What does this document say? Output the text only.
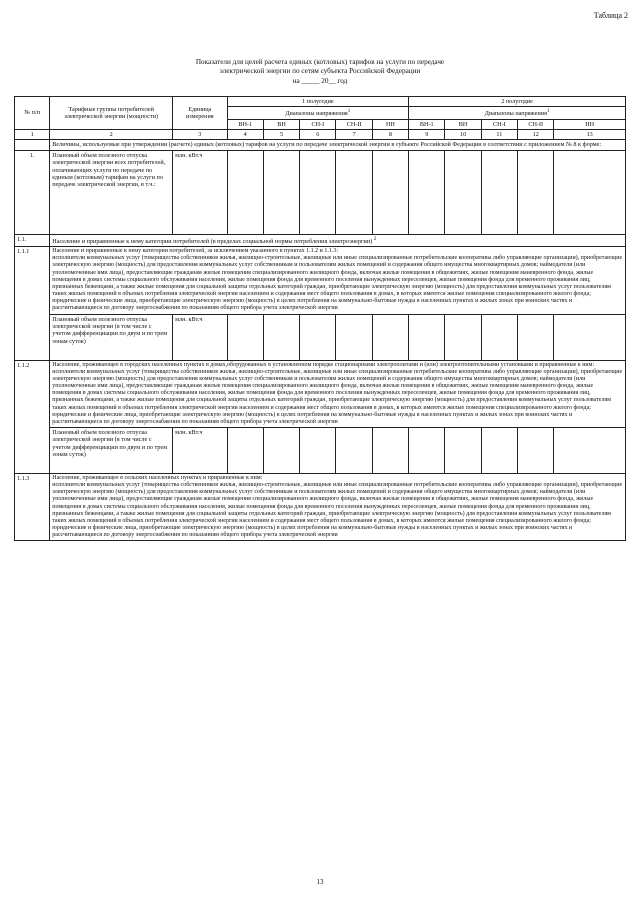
Таблица 2
Показатели для целей расчета единых (котловых) тарифов на услуги по передаче
электрической энергии по сетям субъекта Российской Федерации
на _____ 20__ год
№ п/п	Тарифные группы потребителей электрической энергии (мощности)	Единица измерения	1 полугодие					2 полугодие				
			Диапазоны напряжения$^1$					Диапазоны напряжения$^1$
			ВН-1	ВН	СН-I	СН-II	НН	ВН-1	ВН	СН-I	СН-II	НН
1	2	3	4	5	6	7	8	9	10	11	12	13
	Величины, используемые при утверждении (расчете) единых (котловых) тарифов на услуги по передаче электрической энергии в субъекте Российской Федерации в соответствии с приложением № 8 к форме:											
1.	Плановый объем полезного отпуска электрической энергии всех потребителей, оплачивающих услуги по передаче по единым (котловым) тарифам на услуги по передаче электрической энергии, в т.ч.:	млн. кВт.ч										
1.1.	Население и приравненные к нему категории потребителей (в пределах социальной нормы потребления электроэнергии) $^2$
1.1.1	Население и приравненные к нему категории потребителей, за исключением указанного в пунктах 1.1.2 и 1.1.3:
исполнители коммунальных услуг (товарищества собственников жилья, жилищно-строительные, жилищные или иные специализированные потребительские кооперативы либо управляющие организации), приобретающие электрическую энергию (мощность) для предоставления коммунальных услуг собственникам и пользователям жилых помещений и содержания общего имущества многоквартирных домов; наймодатели (или уполномоченные ими лица), предоставляющие гражданам жилые помещения специализированного жилищного фонда, включая жилые помещения в общежитиях, жилые помещения маневренного фонда, жилые помещения в домах системы социального обслуживания населения, жилые помещения фонда для временного поселения вынужденных переселенцев, жилые помещения фонда для временного проживания лиц, признанных беженцами, а также жилые помещения для социальной защиты отдельных категорий граждан, приобретающие электрическую энергию (мощность) для предоставления коммунальных услуг пользователям таких жилых помещений в объемах потребления электрической энергии населением и содержания мест общего пользования в домах, в которых имеются жилые помещения специализированного жилого фонда;
юридические и физические лица, приобретающие электрическую энергию (мощность) в целях потребления на коммунально-бытовые нужды в населенных пунктах и жилых зонах при воинских частях и рассчитывающиеся по договору энергоснабжения по показаниям общего прибора учета электрической энергии											

	Плановый объем полезного отпуска электрической энергии (в том числе с учетом дифференциации по двум и по трем зонам суток)	млн. кВт.ч										
1.1.2	Население, проживающее в городских населенных пунктах в домах,оборудованных в установленном порядке стационарными электроплитами и (или) электроотопительными установками и приравненные к ним:
исполнители коммунальных услуг (товарищества собственников жилья, жилищно-строительные, жилищные или иные специализированные потребительские кооперативы либо управляющие организации), приобретающие электрическую энергию (мощность) для предоставления коммунальных услуг собственникам и пользователям жилых помещений и содержания общего имущества многоквартирных домов; наймодатели (или уполномоченные ими лица), предоставляющие гражданам жилые помещения специализированного жилищного фонда, включая жилые помещения в общежитиях, жилые помещения маневренного фонда, жилые помещения в домах системы социального обслуживания населения, жилые помещения фонда для временного поселения вынужденных переселенцев, жилые помещения фонда для временного проживания лиц, признанных беженцами, а также жилые помещения для социальной защиты отдельных категорий граждан, приобретающие электрическую энергию (мощность) для предоставления коммунальных услуг пользователям таких жилых помещений в объемах потребления электрической энергии населением и содержания мест общего пользования в домах, в которых имеются жилые помещения специализированного жилого фонда;
юридические и физические лица, приобретающие электрическую энергию (мощность) в целях потребления на коммунально-бытовые нужды в населенных пунктах и жилых зонах при воинских частях и рассчитывающиеся по договору энергоснабжения по показаниям общего прибора учета электрической энергии											

	Плановый объем полезного отпуска электрической энергии (в том числе с учетом дифференциации по двум и по трем зонам суток)	млн. кВт.ч										
1.1.3	Население, проживающее в сельских населенных пунктах и приравненные к ним:
исполнители коммунальных услуг (товарищества собственников жилья, жилищно-строительные, жилищные или иные специализированные потребительские кооперативы либо управляющие организации), приобретающие электрическую энергию (мощность) для предоставления коммунальных услуг собственникам и пользователям жилых помещений и содержания общего имущества многоквартирных домов; наймодатели (или уполномоченные ими лица), предоставляющие гражданам жилые помещения специализированного жилищного фонда, включая жилые помещения в общежитиях, жилые помещения маневренного фонда, жилые помещения в домах системы социального обслуживания населения, жилые помещения фонда для временного поселения вынужденных переселенцев, жилые помещения фонда для временного проживания лиц, признанных беженцами, а также жилые помещения для социальной защиты отдельных категорий граждан, приобретающие электрическую энергию (мощность) для предоставления коммунальных услуг пользователям таких жилых помещений в объемах потребления электрической энергии населением и содержания мест общего пользования в домах, в которых имеются жилые помещения специализированного жилого фонда;
юридические и физические лица, приобретающие электрическую энергию (мощность) в целях потребления на коммунально-бытовые нужды в населенных пунктах и жилых зонах при воинских частях и рассчитывающиеся по договору энергоснабжения по показаниям общего прибора учета электрической энергии											
13
